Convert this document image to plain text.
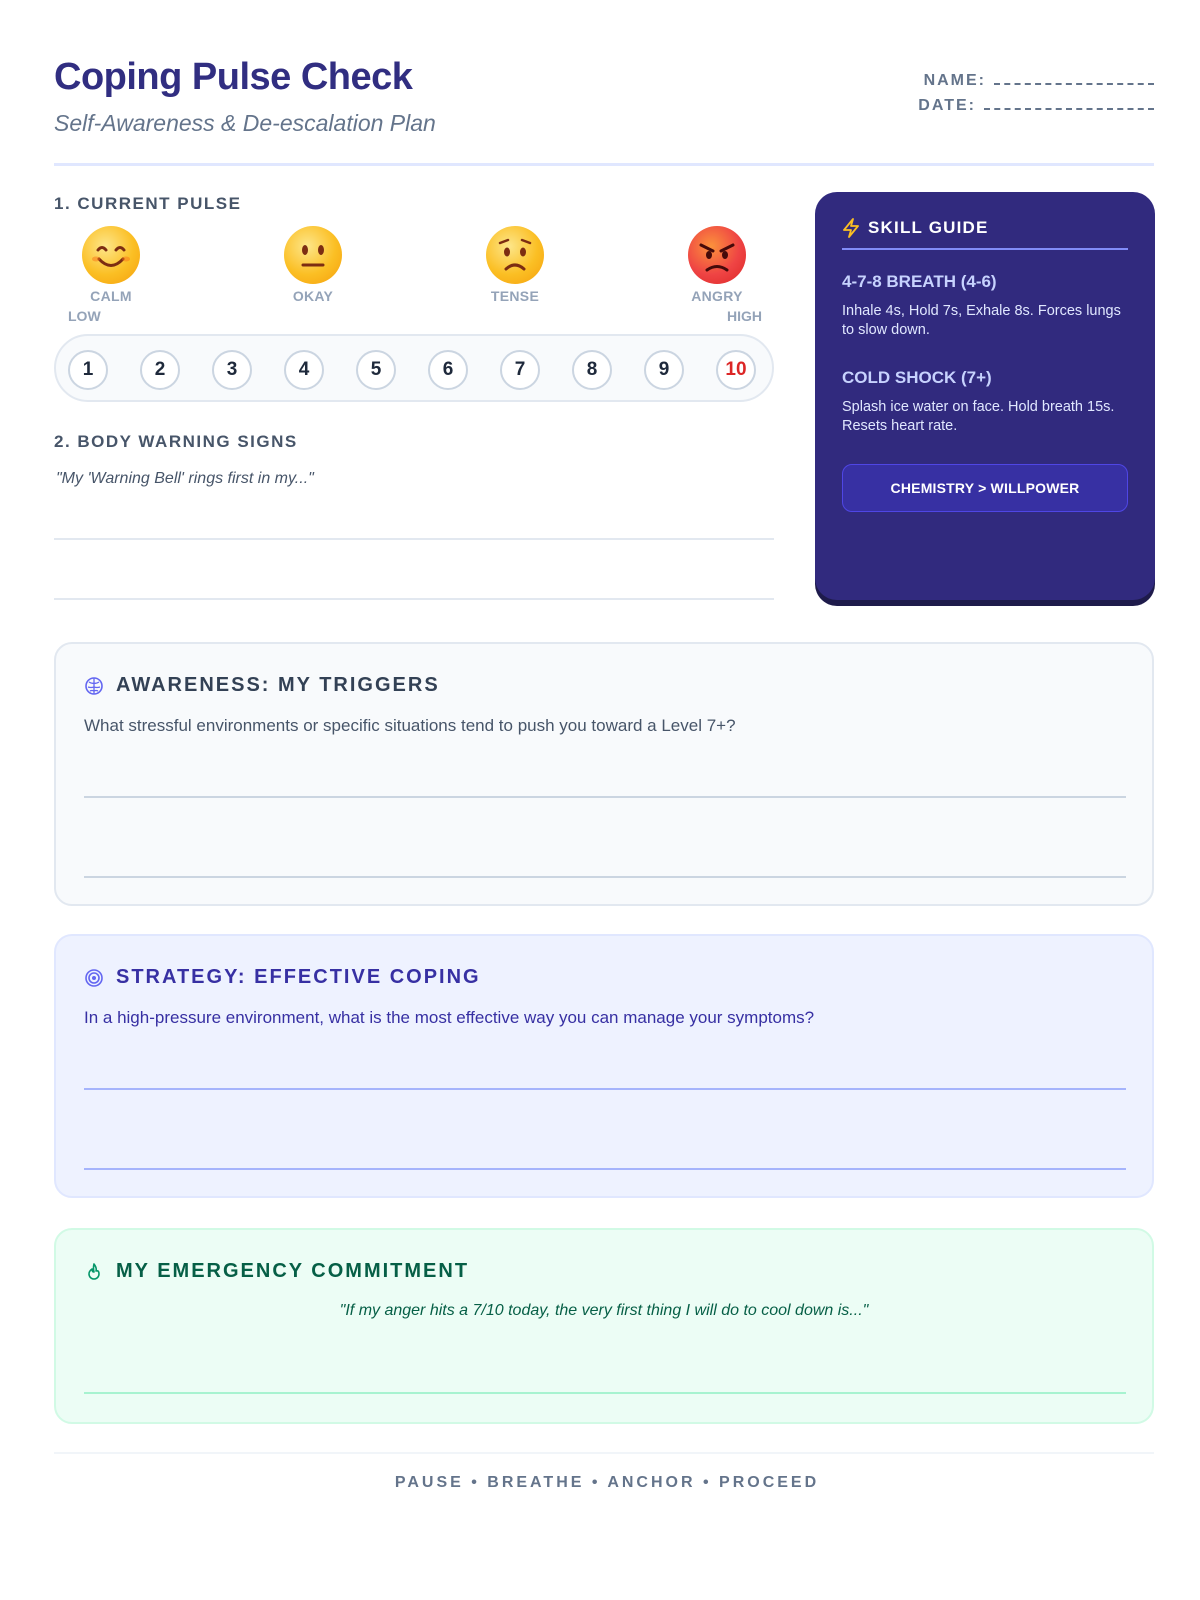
Coping Pulse Check
Self-Awareness & De-escalation Plan
NAME:
DATE:
1. CURRENT PULSE
CALM	OKAY	TENSE	ANGRY
LOW	HIGH
1	2	3	4	5	6	7	8	9	10
2. BODY WARNING SIGNS
"My 'Warning Bell' rings first in my..."
SKILL GUIDE
4-7-8 BREATH (4-6)
Inhale 4s, Hold 7s, Exhale 8s. Forces lungs to slow down.
COLD SHOCK (7+)
Splash ice water on face. Hold breath 15s. Resets heart rate.
CHEMISTRY > WILLPOWER
AWARENESS: MY TRIGGERS
What stressful environments or specific situations tend to push you toward a Level 7+?
STRATEGY: EFFECTIVE COPING
In a high-pressure environment, what is the most effective way you can manage your symptoms?
MY EMERGENCY COMMITMENT
"If my anger hits a 7/10 today, the very first thing I will do to cool down is..."
PAUSE • BREATHE • ANCHOR • PROCEED
